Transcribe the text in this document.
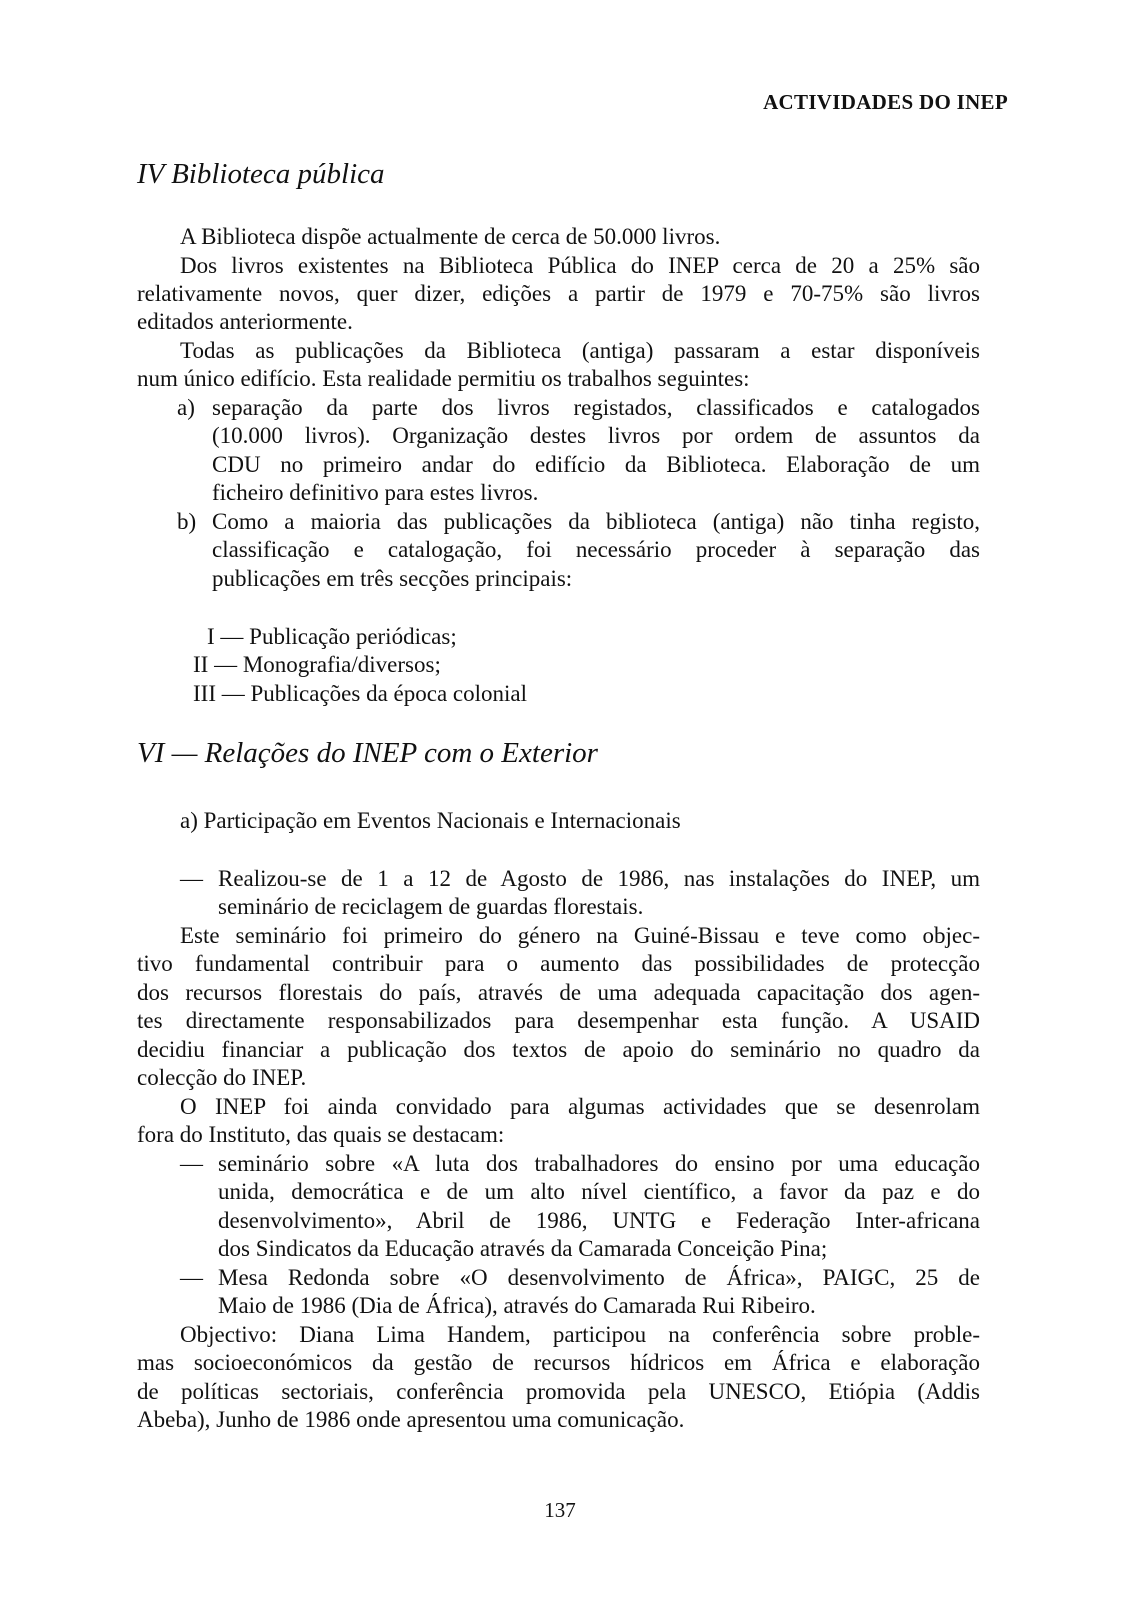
ACTIVIDADES DO INEP
IV Biblioteca pública
A Biblioteca dispõe actualmente de cerca de 50.000 livros.
Dos livros existentes na Biblioteca Pública do INEP cerca de 20 a 25% são
relativamente novos, quer dizer, edições a partir de 1979 e 70-75% são livros
editados anteriormente.
Todas as publicações da Biblioteca (antiga) passaram a estar disponíveis
num único edifício. Esta realidade permitiu os trabalhos seguintes:
a) separação da parte dos livros registados, classificados e catalogados
(10.000 livros). Organização destes livros por ordem de assuntos da
CDU no primeiro andar do edifício da Biblioteca. Elaboração de um
ficheiro definitivo para estes livros.
b) Como a maioria das publicações da biblioteca (antiga) não tinha registo,
classificação e catalogação, foi necessário proceder à separação das
publicações em três secções principais:
I — Publicação periódicas;
II — Monografia/diversos;
III — Publicações da época colonial
VI — Relações do INEP com o Exterior
a) Participação em Eventos Nacionais e Internacionais
— Realizou-se de 1 a 12 de Agosto de 1986, nas instalações do INEP, um
seminário de reciclagem de guardas florestais.
Este seminário foi primeiro do género na Guiné-Bissau e teve como objec-
tivo fundamental contribuir para o aumento das possibilidades de protecção
dos recursos florestais do país, através de uma adequada capacitação dos agen-
tes directamente responsabilizados para desempenhar esta função. A USAID
decidiu financiar a publicação dos textos de apoio do seminário no quadro da
colecção do INEP.
O INEP foi ainda convidado para algumas actividades que se desenrolam
fora do Instituto, das quais se destacam:
— seminário sobre «A luta dos trabalhadores do ensino por uma educação
unida, democrática e de um alto nível científico, a favor da paz e do
desenvolvimento», Abril de 1986, UNTG e Federação Inter-africana
dos Sindicatos da Educação através da Camarada Conceição Pina;
— Mesa Redonda sobre «O desenvolvimento de África», PAIGC, 25 de
Maio de 1986 (Dia de África), através do Camarada Rui Ribeiro.
Objectivo: Diana Lima Handem, participou na conferência sobre proble-
mas socioeconómicos da gestão de recursos hídricos em África e elaboração
de políticas sectoriais, conferência promovida pela UNESCO, Etiópia (Addis
Abeba), Junho de 1986 onde apresentou uma comunicação.
137
